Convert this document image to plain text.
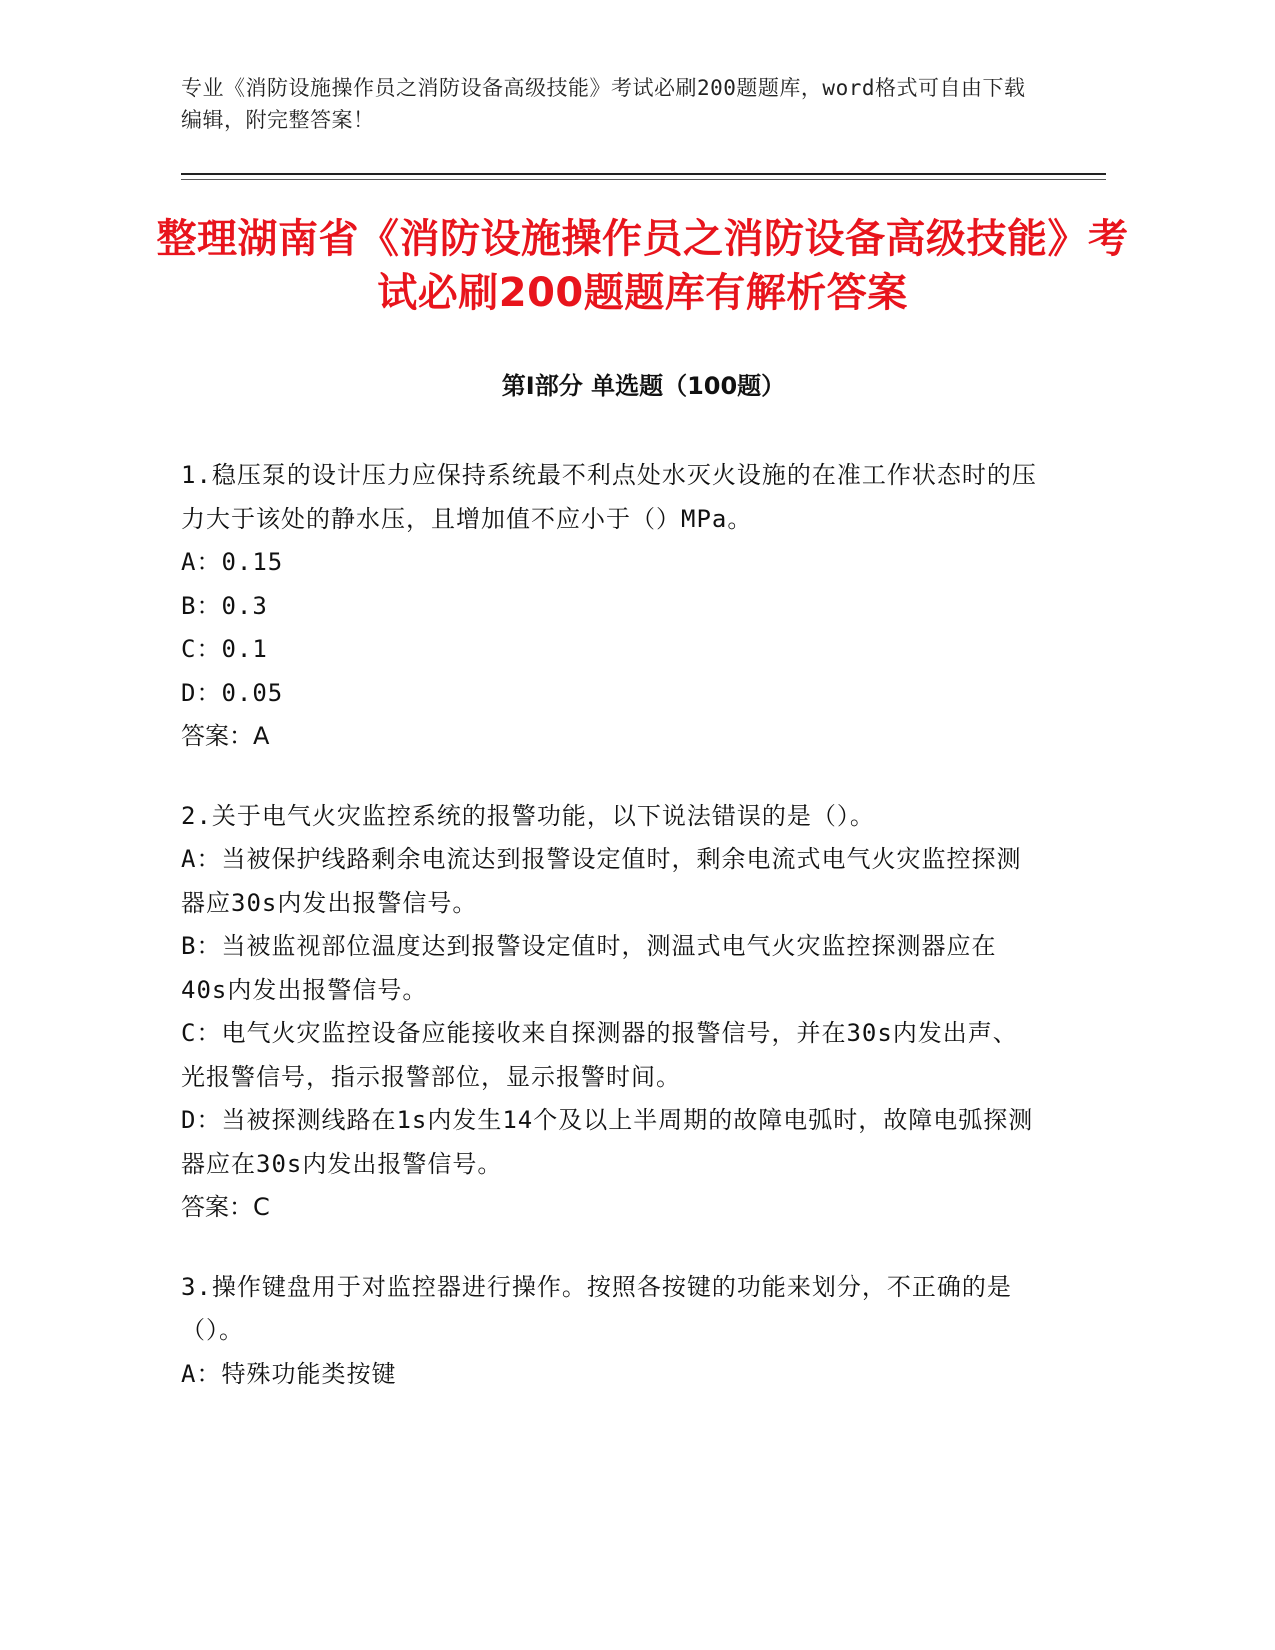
专业《消防设施操作员之消防设备高级技能》考试必刷200题题库，word格式可自由下载编辑，附完整答案！
整理湖南省《消防设施操作员之消防设备高级技能》考试必刷200题题库有解析答案
第I部分 单选题（100题）
1.稳压泵的设计压力应保持系统最不利点处水灭火设施的在准工作状态时的压力大于该处的静水压，且增加值不应小于（）MPa。
A：0.15
B：0.3
C：0.1
D：0.05
答案：A
2.关于电气火灾监控系统的报警功能，以下说法错误的是（）。
A：当被保护线路剩余电流达到报警设定值时，剩余电流式电气火灾监控探测器应30s内发出报警信号。
B：当被监视部位温度达到报警设定值时，测温式电气火灾监控探测器应在40s内发出报警信号。
C：电气火灾监控设备应能接收来自探测器的报警信号，并在30s内发出声、光报警信号，指示报警部位，显示报警时间。
D：当被探测线路在1s内发生14个及以上半周期的故障电弧时，故障电弧探测器应在30s内发出报警信号。
答案：C
3.操作键盘用于对监控器进行操作。按照各按键的功能来划分，不正确的是（）。
A：特殊功能类按键
